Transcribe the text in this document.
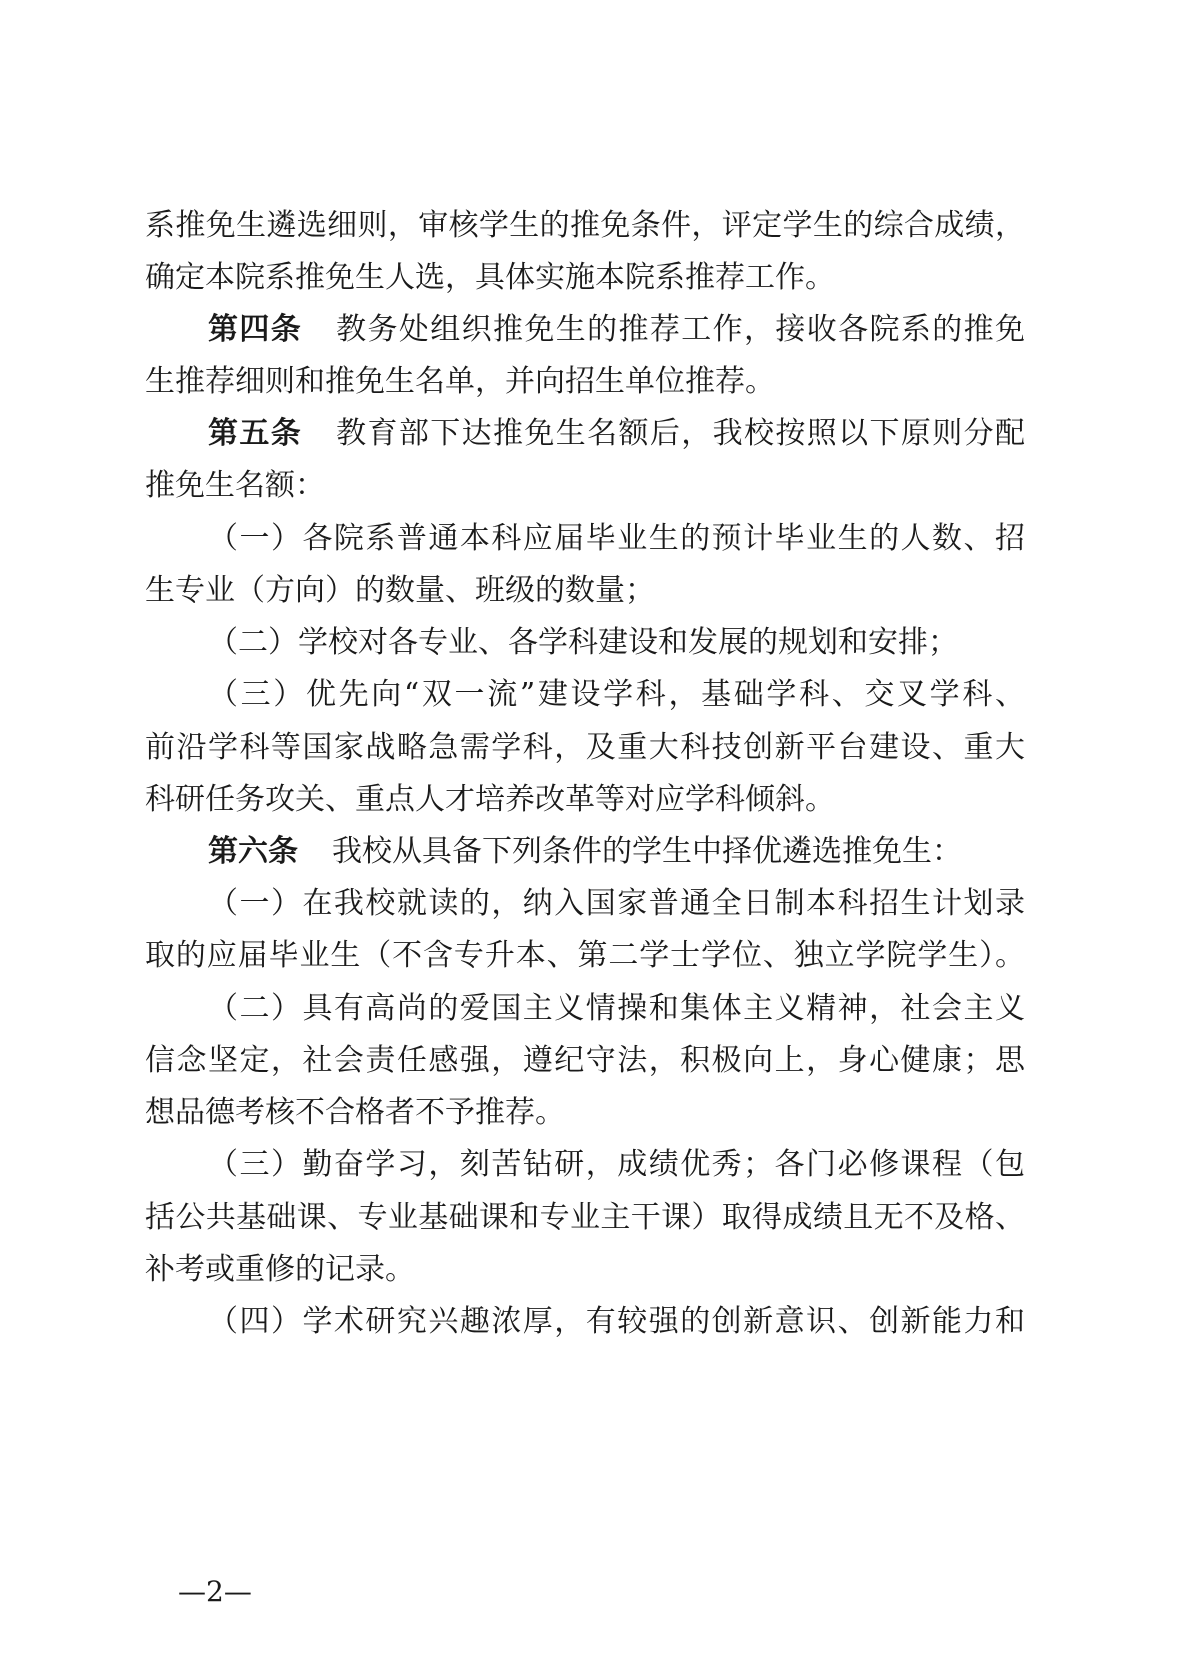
系推免生遴选细则，审核学生的推免条件，评定学生的综合成绩，
确定本院系推免生人选，具体实施本院系推荐工作。
第四条 教务处组织推免生的推荐工作，接收各院系的推免
生推荐细则和推免生名单，并向招生单位推荐。
第五条 教育部下达推免生名额后，我校按照以下原则分配
推免生名额：
（一）各院系普通本科应届毕业生的预计毕业生的人数、招
生专业（方向）的数量、班级的数量；
（二）学校对各专业、各学科建设和发展的规划和安排；
（三）优先向“双一流”建设学科，基础学科、交叉学科、
前沿学科等国家战略急需学科，及重大科技创新平台建设、重大
科研任务攻关、重点人才培养改革等对应学科倾斜。
第六条 我校从具备下列条件的学生中择优遴选推免生：
（一）在我校就读的，纳入国家普通全日制本科招生计划录
取的应届毕业生（不含专升本、第二学士学位、独立学院学生）。
（二）具有高尚的爱国主义情操和集体主义精神，社会主义
信念坚定，社会责任感强，遵纪守法，积极向上，身心健康；思
想品德考核不合格者不予推荐。
（三）勤奋学习，刻苦钻研，成绩优秀；各门必修课程（包
括公共基础课、专业基础课和专业主干课）取得成绩且无不及格、
补考或重修的记录。
（四）学术研究兴趣浓厚，有较强的创新意识、创新能力和
—2—
